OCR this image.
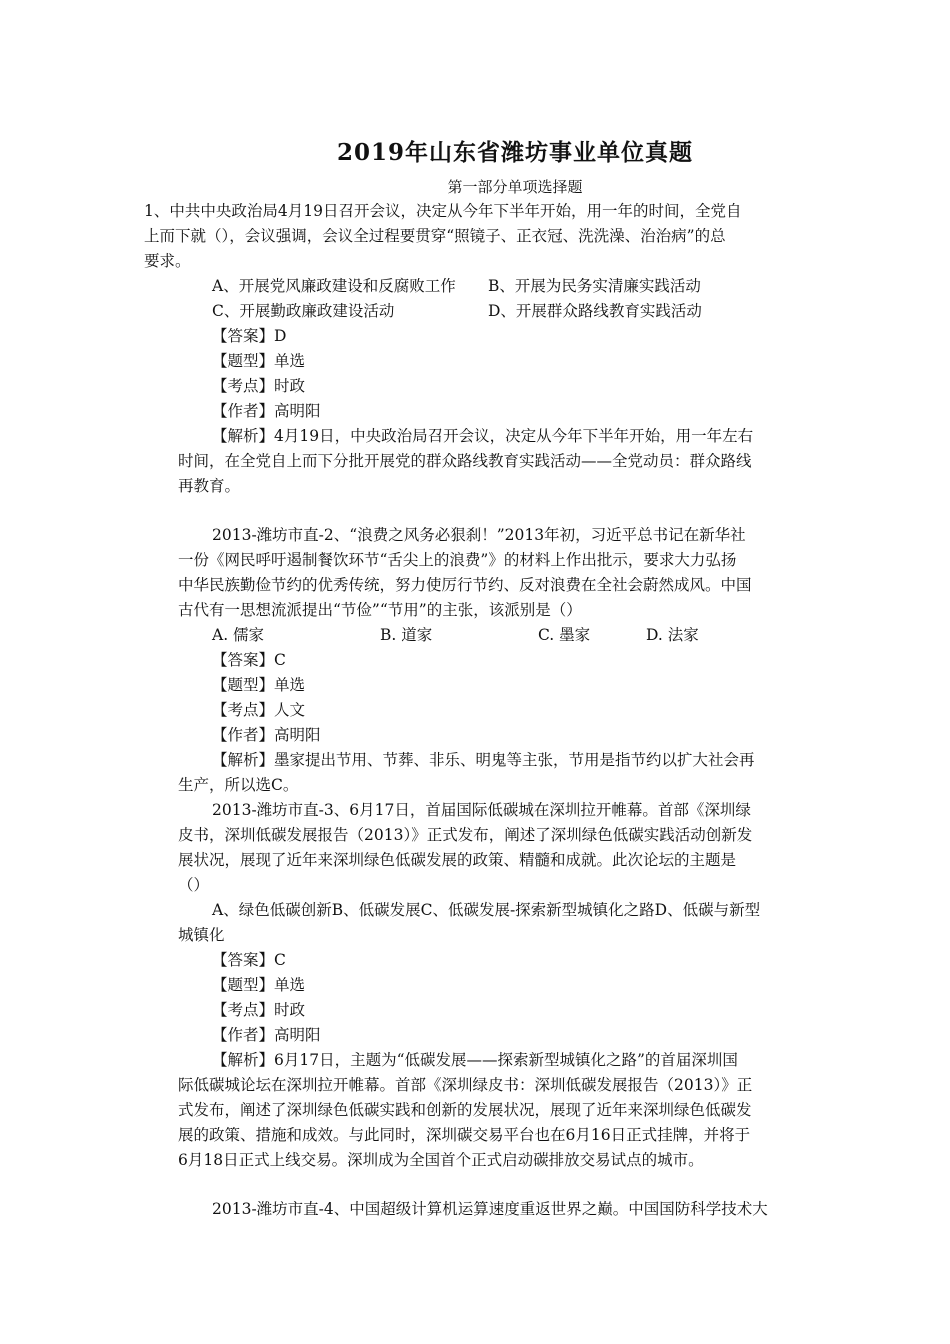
2019年山东省潍坊事业单位真题
第一部分单项选择题
1、中共中央政治局4月19日召开会议，决定从今年下半年开始，用一年的时间，全党自
上而下就（），会议强调，会议全过程要贯穿“照镜子、正衣冠、洗洗澡、治治病”的总
要求。
A、开展党风廉政建设和反腐败工作 B、开展为民务实清廉实践活动
C、开展勤政廉政建设活动	D、开展群众路线教育实践活动
【答案】D
【题型】单选
【考点】时政
【作者】高明阳
【解析】4月19日，中央政治局召开会议，决定从今年下半年开始，用一年左右
时间，在全党自上而下分批开展党的群众路线教育实践活动——全党动员：群众路线
再教育。
2013-潍坊市直-2、“浪费之风务必狠刹！”2013年初，习近平总书记在新华社
一份《网民呼吁遏制餐饮环节“舌尖上的浪费”》的材料上作出批示，要求大力弘扬
中华民族勤俭节约的优秀传统，努力使厉行节约、反对浪费在全社会蔚然成风。中国
古代有一思想流派提出“节俭”“节用”的主张，该派别是（）
A. 儒家	B. 道家	C. 墨家	D. 法家
【答案】C
【题型】单选
【考点】人文
【作者】高明阳
【解析】墨家提出节用、节葬、非乐、明鬼等主张，节用是指节约以扩大社会再
生产，所以选C。
2013-潍坊市直-3、6月17日，首届国际低碳城在深圳拉开帷幕。首部《深圳绿
皮书，深圳低碳发展报告（2013）》正式发布，阐述了深圳绿色低碳实践活动创新发
展状况，展现了近年来深圳绿色低碳发展的政策、精髓和成就。此次论坛的主题是
（）
A、绿色低碳创新B、低碳发展C、低碳发展-探索新型城镇化之路D、低碳与新型
城镇化
【答案】C
【题型】单选
【考点】时政
【作者】高明阳
【解析】6月17日，主题为“低碳发展——探索新型城镇化之路”的首届深圳国
际低碳城论坛在深圳拉开帷幕。首部《深圳绿皮书：深圳低碳发展报告（2013）》正
式发布，阐述了深圳绿色低碳实践和创新的发展状况，展现了近年来深圳绿色低碳发
展的政策、措施和成效。与此同时，深圳碳交易平台也在6月16日正式挂牌，并将于
6月18日正式上线交易。深圳成为全国首个正式启动碳排放交易试点的城市。
2013-潍坊市直-4、中国超级计算机运算速度重返世界之巅。中国国防科学技术大
